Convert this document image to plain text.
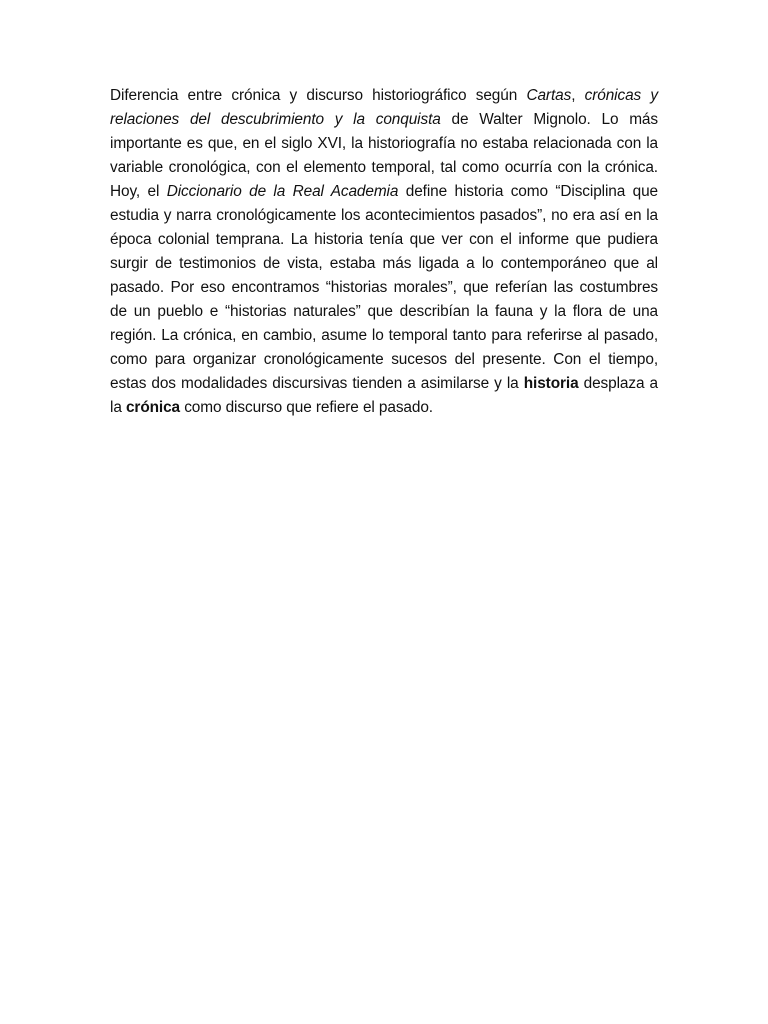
Diferencia entre crónica y discurso historiográfico según Cartas, crónicas y relaciones del descubrimiento y la conquista de Walter Mignolo. Lo más importante es que, en el siglo XVI, la historiografía no estaba relacionada con la variable cronológica, con el elemento temporal, tal como ocurría con la crónica. Hoy, el Diccionario de la Real Academia define historia como “Disciplina que estudia y narra cronológicamente los acontecimientos pasados”, no era así en la época colonial temprana. La historia tenía que ver con el informe que pudiera surgir de testimonios de vista, estaba más ligada a lo contemporáneo que al pasado. Por eso encontramos “historias morales”, que referían las costumbres de un pueblo e “historias naturales” que describían la fauna y la flora de una región. La crónica, en cambio, asume lo temporal tanto para referirse al pasado, como para organizar cronológicamente sucesos del presente. Con el tiempo, estas dos modalidades discursivas tienden a asimilarse y la historia desplaza a la crónica como discurso que refiere el pasado.
